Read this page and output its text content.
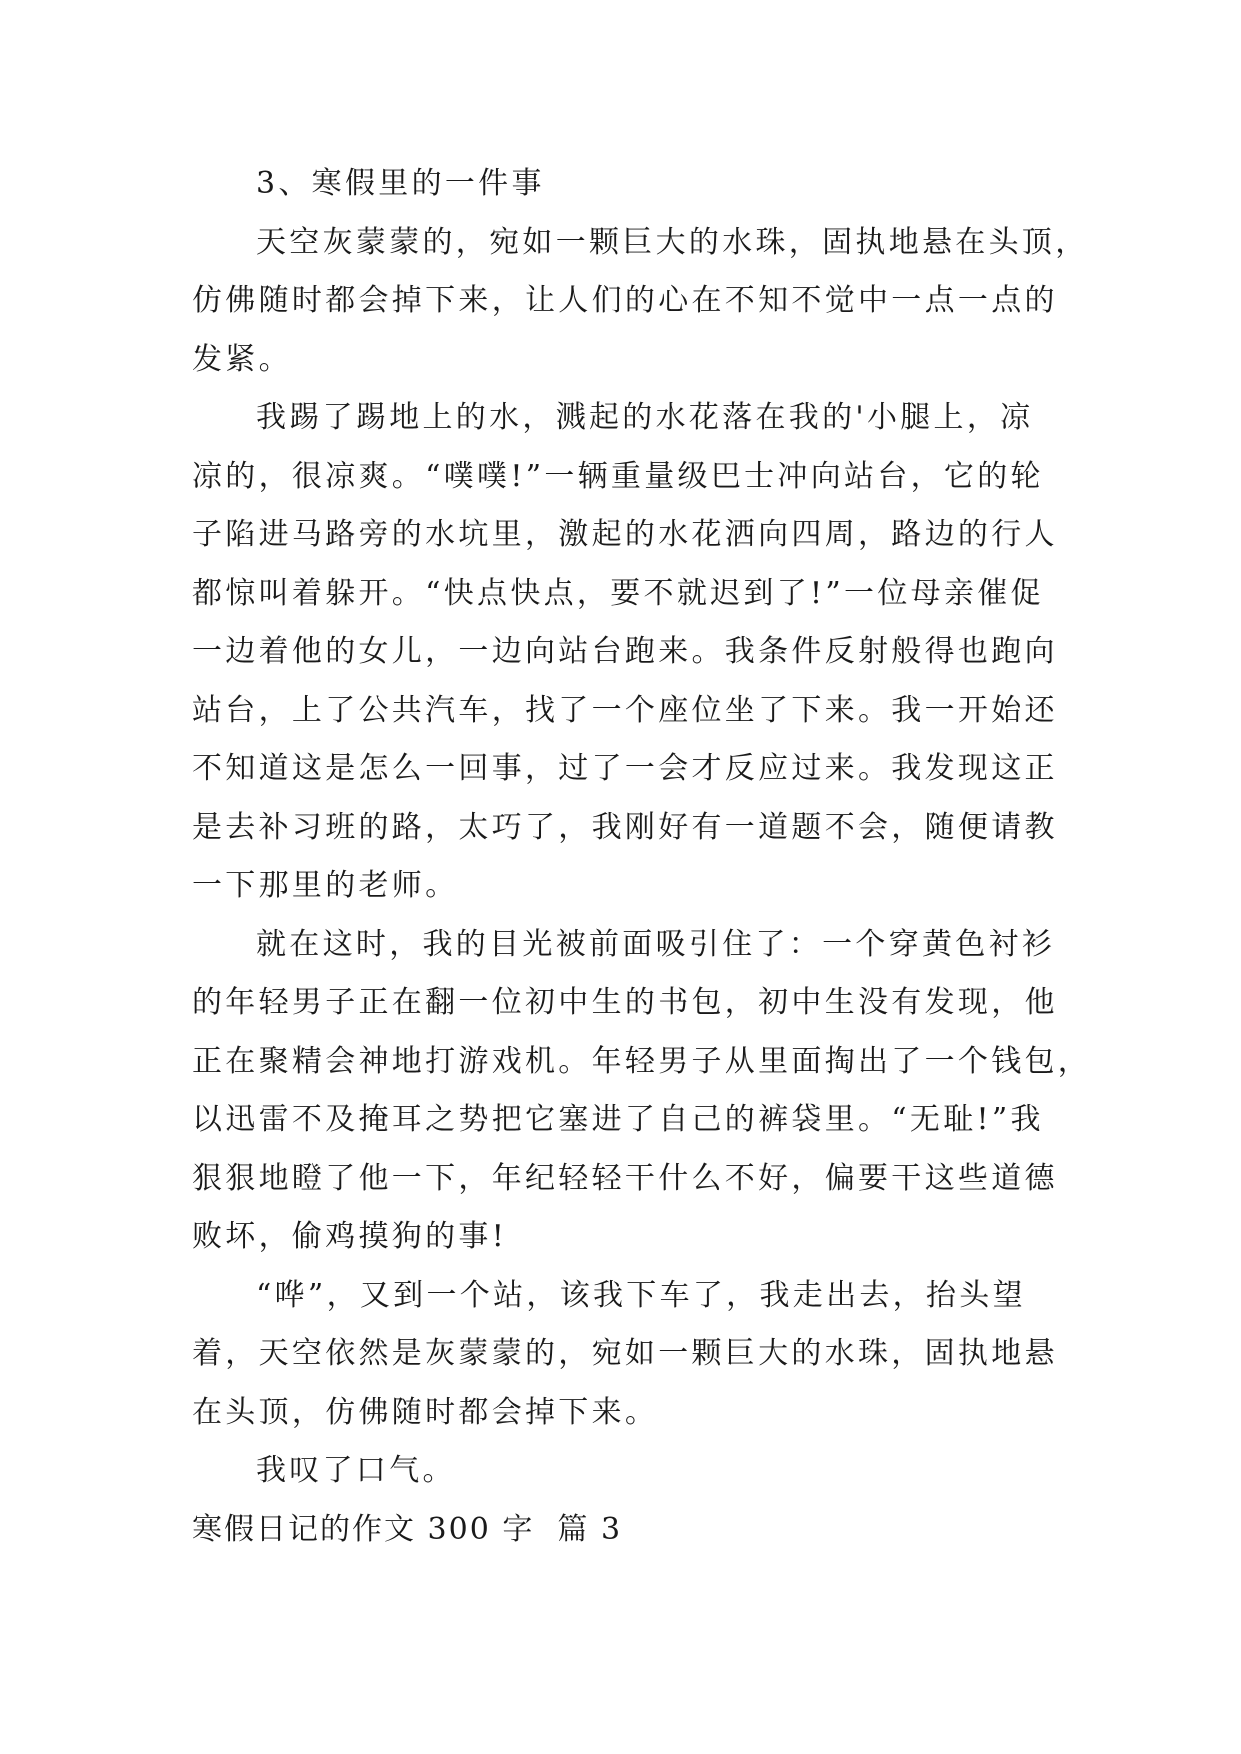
3、寒假里的一件事

天空灰蒙蒙的，宛如一颗巨大的水珠，固执地悬在头顶，

仿佛随时都会掉下来，让人们的心在不知不觉中一点一点的

发紧。

我踢了踢地上的水，溅起的水花落在我的'小腿上，凉

凉的，很凉爽。“噗噗!”一辆重量级巴士冲向站台，它的轮

子陷进马路旁的水坑里，激起的水花洒向四周，路边的行人

都惊叫着躲开。“快点快点，要不就迟到了!”一位母亲催促

一边着他的女儿，一边向站台跑来。我条件反射般得也跑向

站台，上了公共汽车，找了一个座位坐了下来。我一开始还

不知道这是怎么一回事，过了一会才反应过来。我发现这正

是去补习班的路，太巧了，我刚好有一道题不会，随便请教

一下那里的老师。

就在这时，我的目光被前面吸引住了：一个穿黄色衬衫

的年轻男子正在翻一位初中生的书包，初中生没有发现，他

正在聚精会神地打游戏机。年轻男子从里面掏出了一个钱包，

以迅雷不及掩耳之势把它塞进了自己的裤袋里。“无耻!”我

狠狠地瞪了他一下，年纪轻轻干什么不好，偏要干这些道德

败坏，偷鸡摸狗的事!

“哗”，又到一个站，该我下车了，我走出去，抬头望

着，天空依然是灰蒙蒙的，宛如一颗巨大的水珠，固执地悬

在头顶，仿佛随时都会掉下来。

我叹了口气。

寒假日记的作文 300 字  篇 3
